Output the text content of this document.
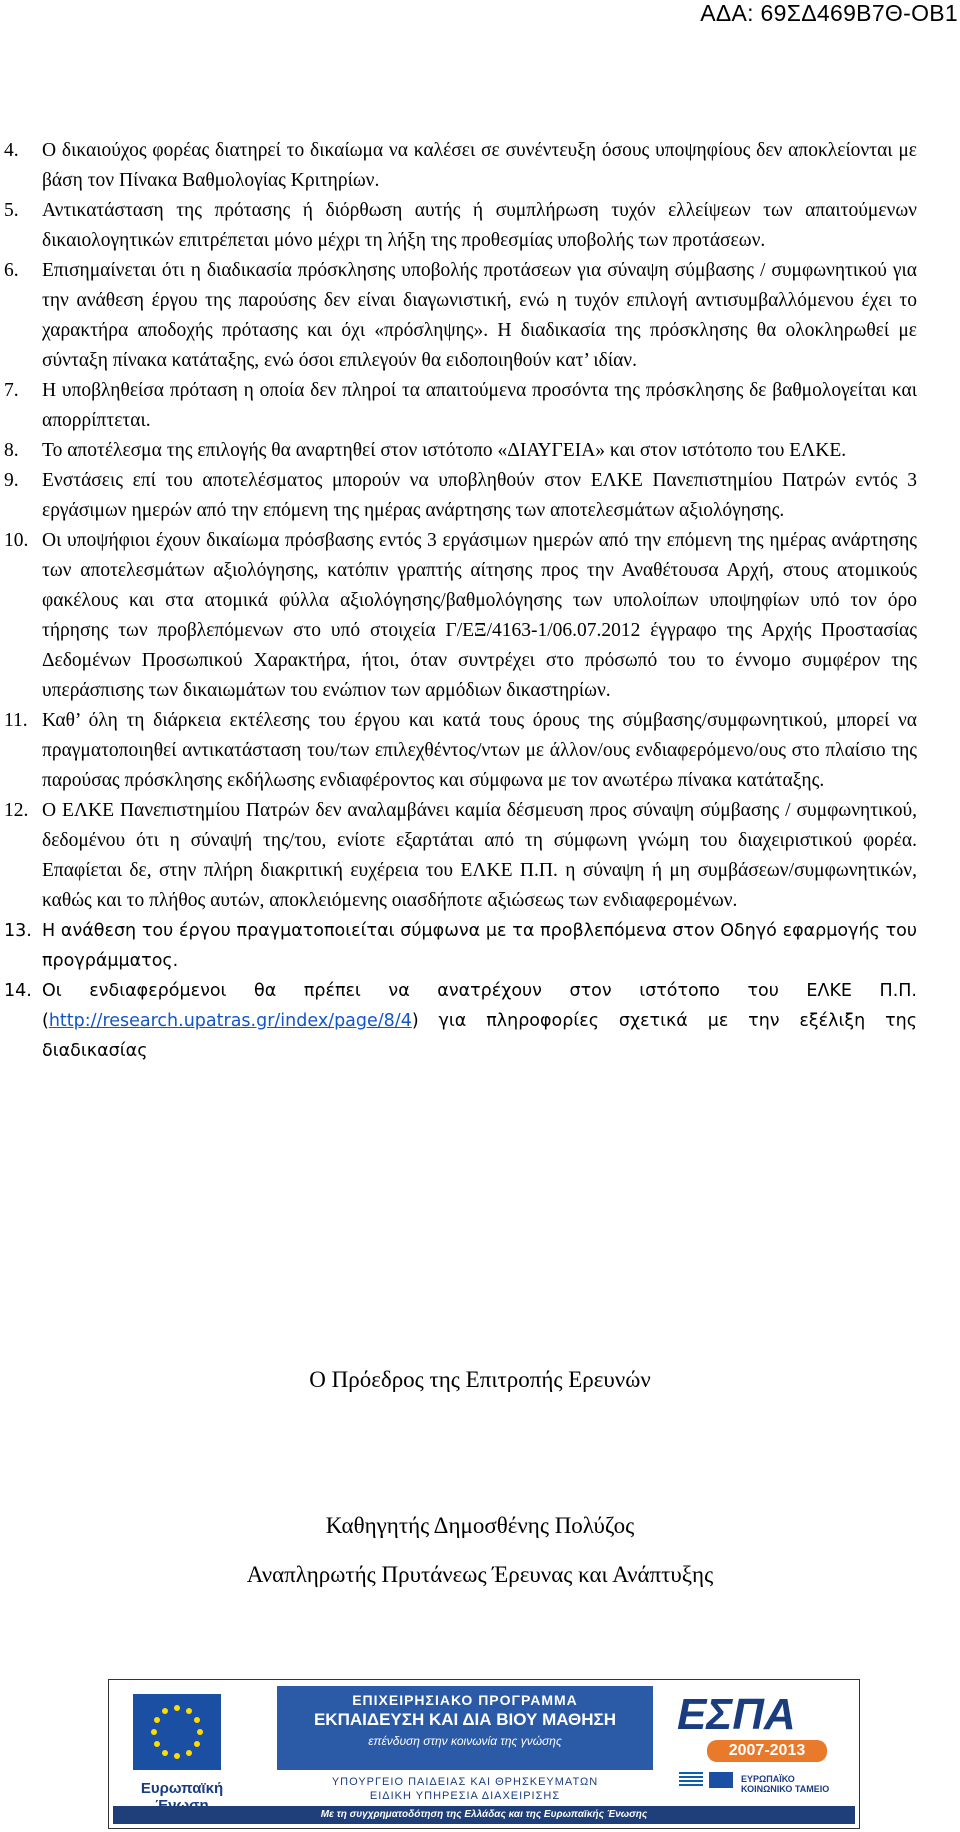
ΑΔΑ: 69ΣΔ469Β7Θ-ΟΒ1
4.	Ο δικαιούχος φορέας διατηρεί το δικαίωμα να καλέσει σε συνέντευξη όσους υποψηφίους δεν αποκλείονται με βάση τον Πίνακα Βαθμολογίας Κριτηρίων.
5.	Αντικατάσταση της πρότασης ή διόρθωση αυτής ή συμπλήρωση τυχόν ελλείψεων των απαιτούμενων δικαιολογητικών επιτρέπεται μόνο μέχρι τη λήξη της προθεσμίας υποβολής των προτάσεων.
6.	Επισημαίνεται ότι η διαδικασία πρόσκλησης υποβολής προτάσεων για σύναψη σύμβασης / συμφωνητικού για την ανάθεση έργου της παρούσης δεν είναι διαγωνιστική, ενώ η τυχόν επιλογή αντισυμβαλλόμενου έχει το χαρακτήρα αποδοχής πρότασης και όχι «πρόσληψης». Η διαδικασία της πρόσκλησης θα ολοκληρωθεί με σύνταξη πίνακα κατάταξης, ενώ όσοι επιλεγούν θα ειδοποιηθούν κατ’ ιδίαν.
7.	Η υποβληθείσα πρόταση η οποία δεν πληροί τα απαιτούμενα προσόντα της πρόσκλησης δε βαθμολογείται και απορρίπτεται.
8.	Το αποτέλεσμα της επιλογής θα αναρτηθεί στον ιστότοπο «ΔΙΑΥΓΕΙΑ» και στον ιστότοπο του ΕΛΚΕ.
9.	Ενστάσεις επί του αποτελέσματος μπορούν να υποβληθούν στον ΕΛΚΕ Πανεπιστημίου Πατρών εντός 3 εργάσιμων ημερών από την επόμενη της ημέρας ανάρτησης των αποτελεσμάτων αξιολόγησης.
10. Οι υποψήφιοι έχουν δικαίωμα πρόσβασης εντός 3 εργάσιμων ημερών από την επόμενη της ημέρας ανάρτησης των αποτελεσμάτων αξιολόγησης, κατόπιν γραπτής αίτησης προς την Αναθέτουσα Αρχή, στους ατομικούς φακέλους και στα ατομικά φύλλα αξιολόγησης/βαθμολόγησης των υπολοίπων υποψηφίων υπό τον όρο τήρησης των προβλεπόμενων στο υπό στοιχεία Γ/ΕΞ/4163-1/06.07.2012 έγγραφο της Αρχής Προστασίας Δεδομένων Προσωπικού Χαρακτήρα, ήτοι, όταν συντρέχει στο πρόσωπό του το έννομο συμφέρον της υπεράσπισης των δικαιωμάτων του ενώπιον των αρμόδιων δικαστηρίων.
11. Καθ’ όλη τη διάρκεια εκτέλεσης του έργου και κατά τους όρους της σύμβασης/συμφωνητικού, μπορεί να πραγματοποιηθεί αντικατάσταση του/των επιλεχθέντος/ντων με άλλον/ους ενδιαφερόμενο/ους στο πλαίσιο της παρούσας πρόσκλησης εκδήλωσης ενδιαφέροντος και σύμφωνα με τον ανωτέρω πίνακα κατάταξης.
12. Ο ΕΛΚΕ Πανεπιστημίου Πατρών δεν αναλαμβάνει καμία δέσμευση προς σύναψη σύμβασης / συμφωνητικού, δεδομένου ότι η σύναψή της/του, ενίοτε εξαρτάται από τη σύμφωνη γνώμη του διαχειριστικού φορέα. Επαφίεται δε, στην πλήρη διακριτική ευχέρεια του ΕΛΚΕ Π.Π. η σύναψη ή μη συμβάσεων/συμφωνητικών, καθώς και το πλήθος αυτών, αποκλειόμενης οιασδήποτε αξιώσεως των ενδιαφερομένων.
13. Η ανάθεση του έργου πραγματοποιείται σύμφωνα με τα προβλεπόμενα στον Οδηγό εφαρμογής του προγράμματος.
14. Οι ενδιαφερόμενοι θα πρέπει να ανατρέχουν στον ιστότοπο του ΕΛΚΕ Π.Π. (http://research.upatras.gr/index/page/8/4) για πληροφορίες σχετικά με την εξέλιξη της διαδικασίας
Ο Πρόεδρος της Επιτροπής Ερευνών
Καθηγητής Δημοσθένης Πολύζος
Αναπληρωτής Πρυτάνεως Έρευνας και Ανάπτυξης
Ευρωπαϊκή
ΕΠΙΧΕΙΡΗΣΙΑΚΟ ΠΡΟΓΡΑΜΜΑ
ΕΚΠΑΙΔΕΥΣΗ ΚΑΙ ΔΙΑ ΒΙΟΥ ΜΑΘΗΣΗ
επένδυση στην κοινωνία της γνώσης
ΥΠΟΥΡΓΕΙΟ ΠΑΙΔΕΙΑΣ ΚΑΙ ΘΡΗΣΚΕΥΜΑΤΩΝ
ΕΙΔΙΚΗ ΥΠΗΡΕΣΙΑ ΔΙΑΧΕΙΡΙΣΗΣ
ΕΣΠΑ
2007-2013
ΕΥΡΩΠΑΪΚΟ ΚΟΙΝΩΝΙΚΟ ΤΑΜΕΙΟ
Με τη συγχρηματοδότηση της Ελλάδας και της Ευρωπαϊκής Ένωσης
